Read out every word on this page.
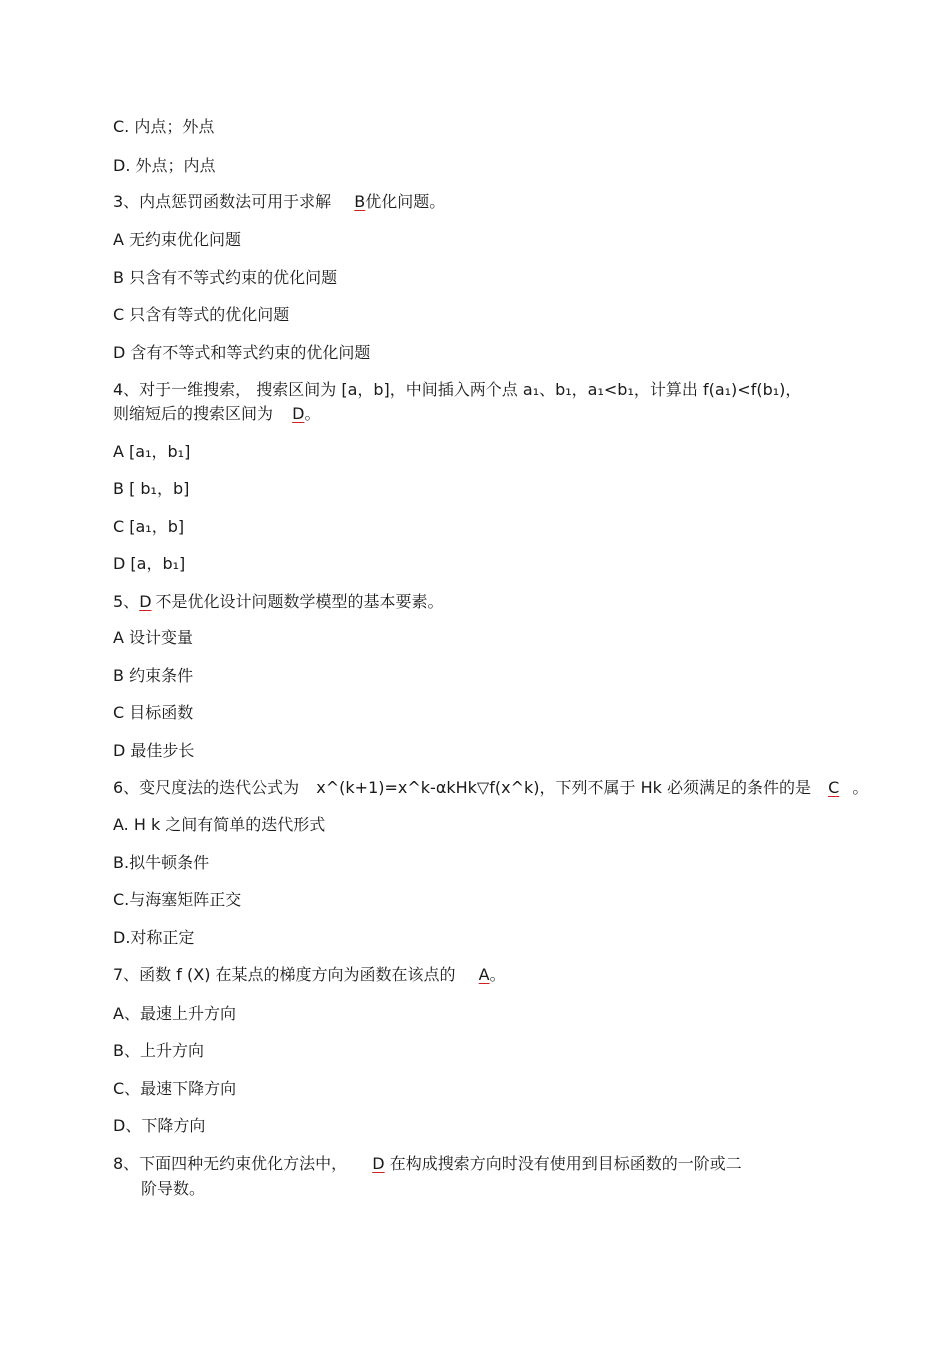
C. 内点；外点
D. 外点；内点
3、内点惩罚函数法可用于求解 B优化问题。
A 无约束优化问题
B 只含有不等式约束的优化问题
C 只含有等式的优化问题
D 含有不等式和等式约束的优化问题
4、对于一维搜索， 搜索区间为 [a，b]，中间插入两个点 a₁、b₁，a₁<b₁，计算出 f(a₁)<f(b₁)，
则缩短后的搜索区间为 D。
A [a₁，b₁]
B [ b₁，b]
C [a₁，b]
D [a，b₁]
5、D 不是优化设计问题数学模型的基本要素。
A 设计变量
B 约束条件
C 目标函数
D 最佳步长
6、变尺度法的迭代公式为 x^(k+1)=x^k-αkHk▽f(x^k)，下列不属于 Hk 必须满足的条件的是 C 。
A. H k 之间有简单的迭代形式
B.拟牛顿条件
C.与海塞矩阵正交
D.对称正定
7、函数 f (X) 在某点的梯度方向为函数在该点的 A。
A、最速上升方向
B、上升方向
C、最速下降方向
D、下降方向
8、下面四种无约束优化方法中， D 在构成搜索方向时没有使用到目标函数的一阶或二
阶导数。
